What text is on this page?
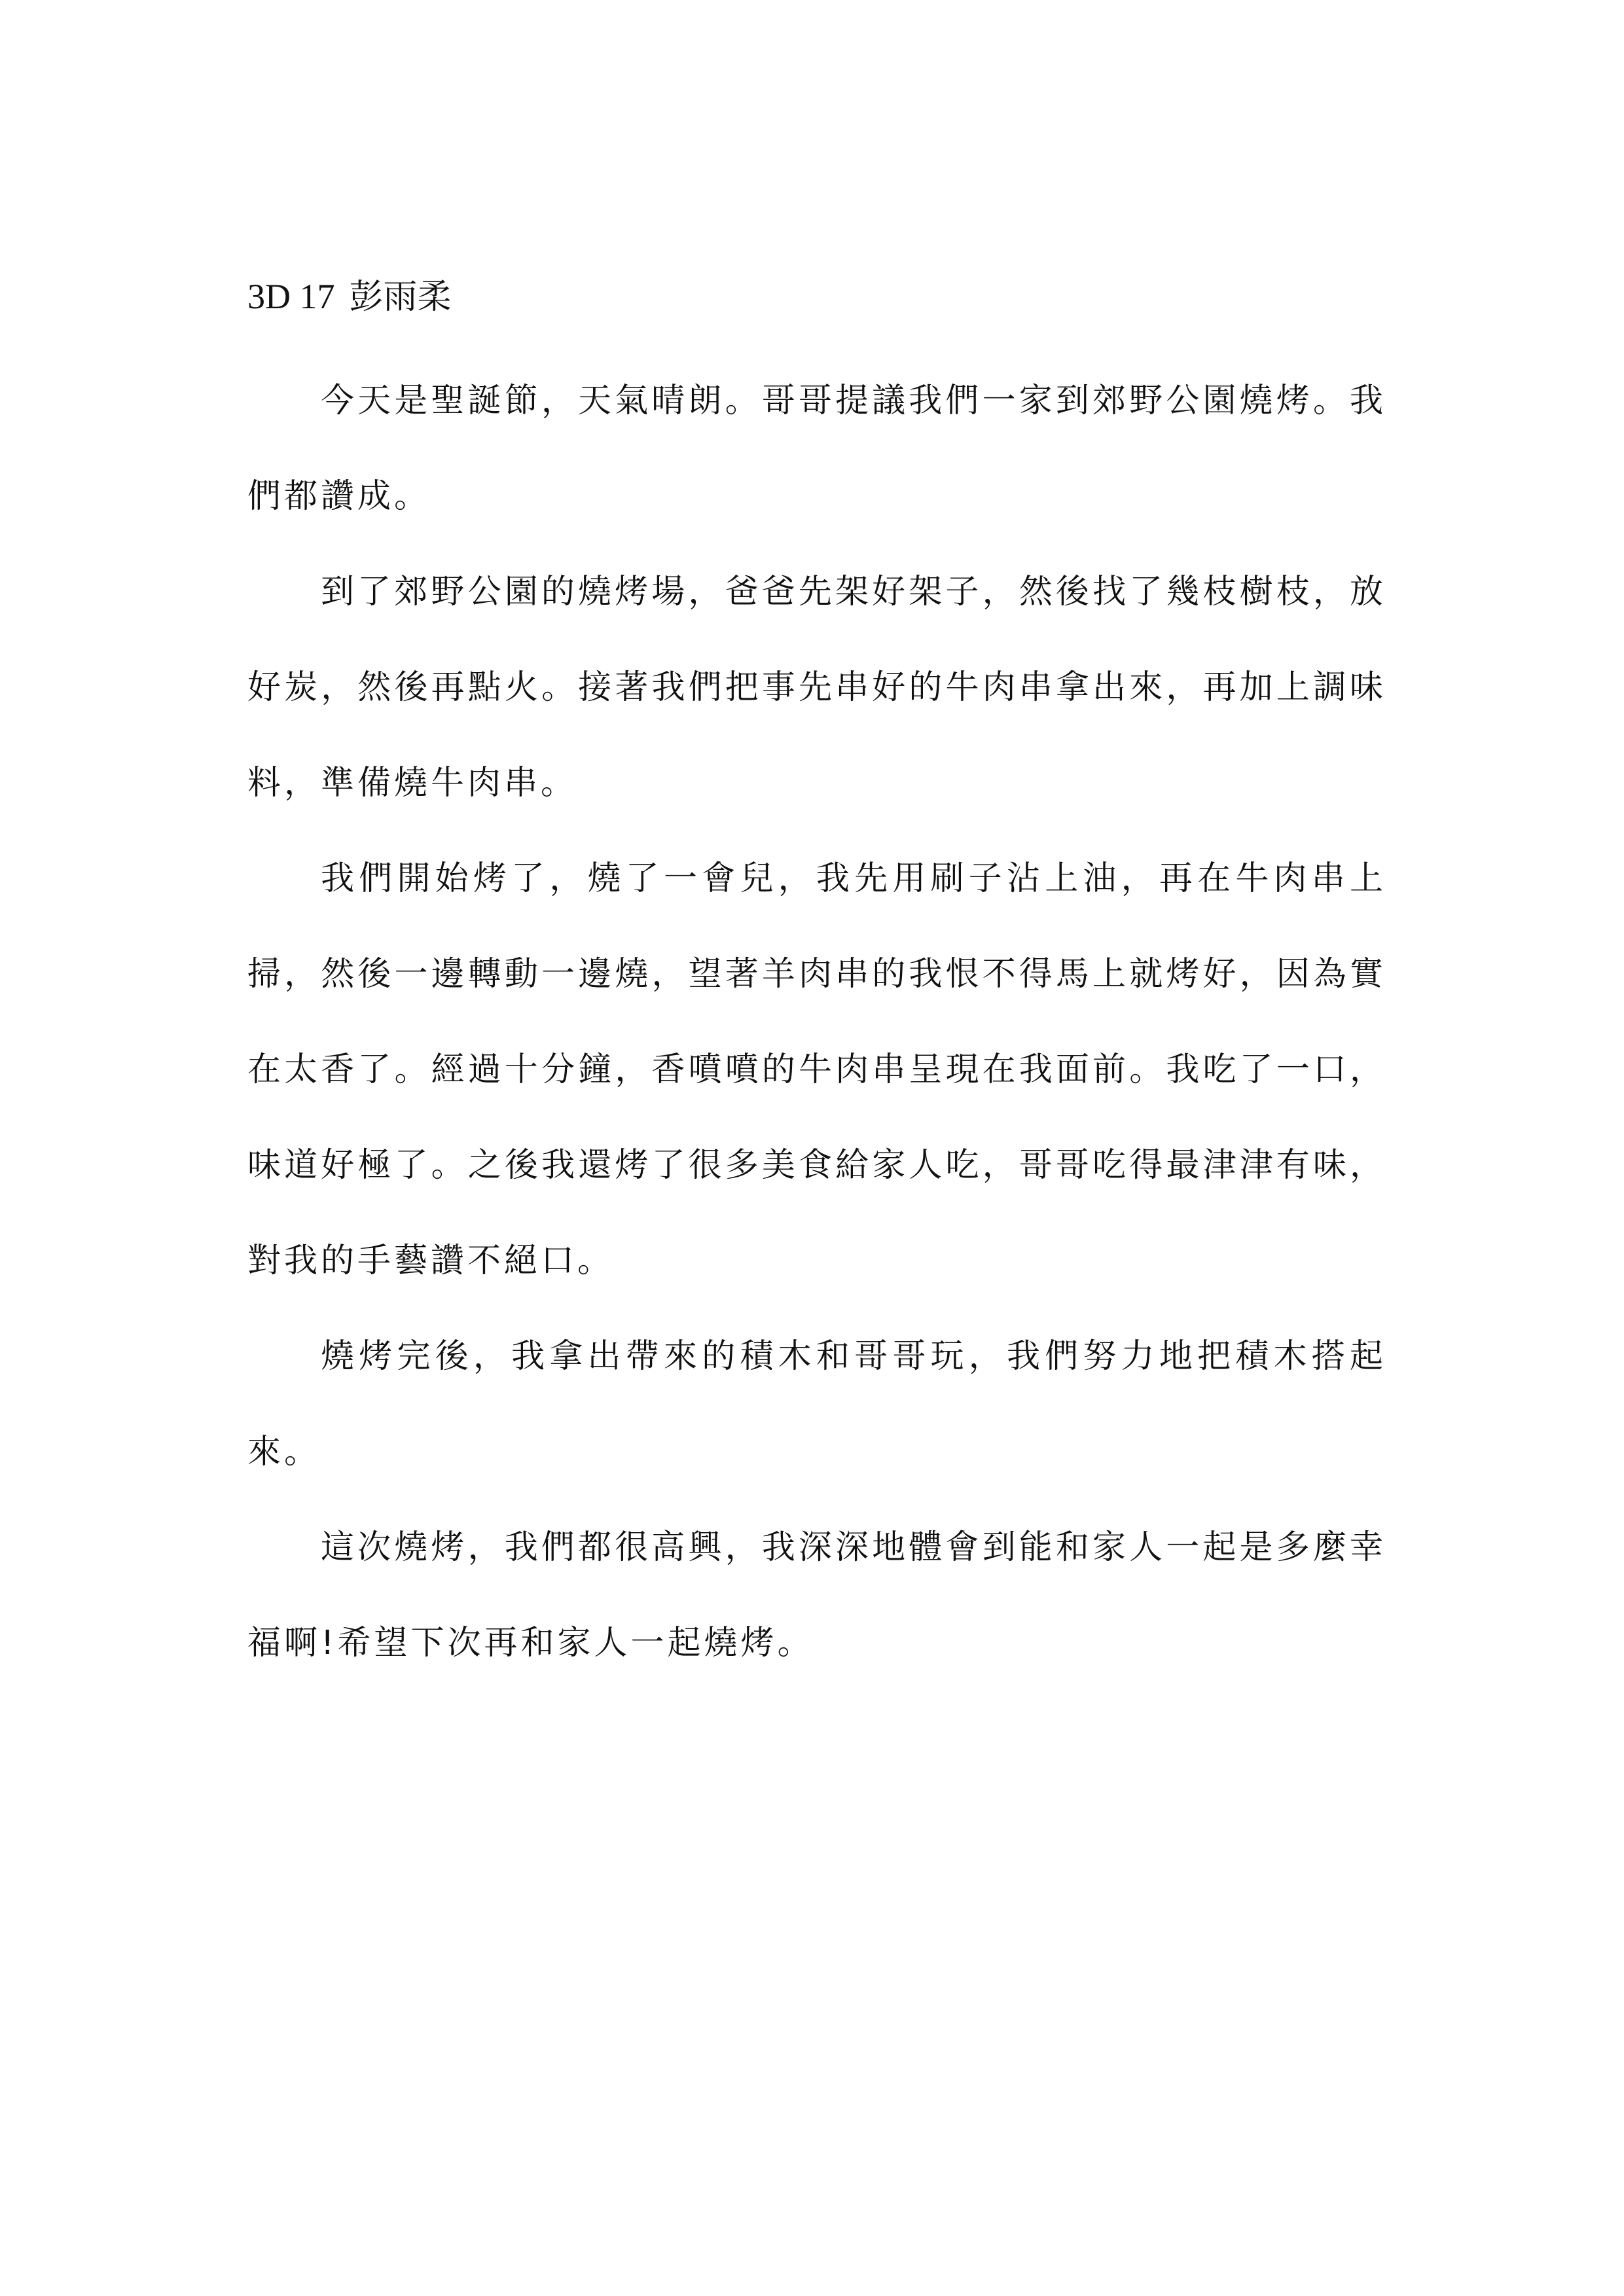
3D 17 彭雨柔

今天是聖誕節，天氣晴朗。哥哥提議我們一家到郊野公園燒烤。我們都讚成。

到了郊野公園的燒烤場，爸爸先架好架子，然後找了幾枝樹枝，放好炭，然後再點火。接著我們把事先串好的牛肉串拿出來，再加上調味料，準備燒牛肉串。

我們開始烤了，燒了一會兒，我先用刷子沾上油，再在牛肉串上掃，然後一邊轉動一邊燒，望著羊肉串的我恨不得馬上就烤好，因為實在太香了。經過十分鐘，香噴噴的牛肉串呈現在我面前。我吃了一口，味道好極了。之後我還烤了很多美食給家人吃，哥哥吃得最津津有味，對我的手藝讚不絕口。

燒烤完後，我拿出帶來的積木和哥哥玩，我們努力地把積木搭起來。

這次燒烤，我們都很高興，我深深地體會到能和家人一起是多麼幸福啊!希望下次再和家人一起燒烤。
